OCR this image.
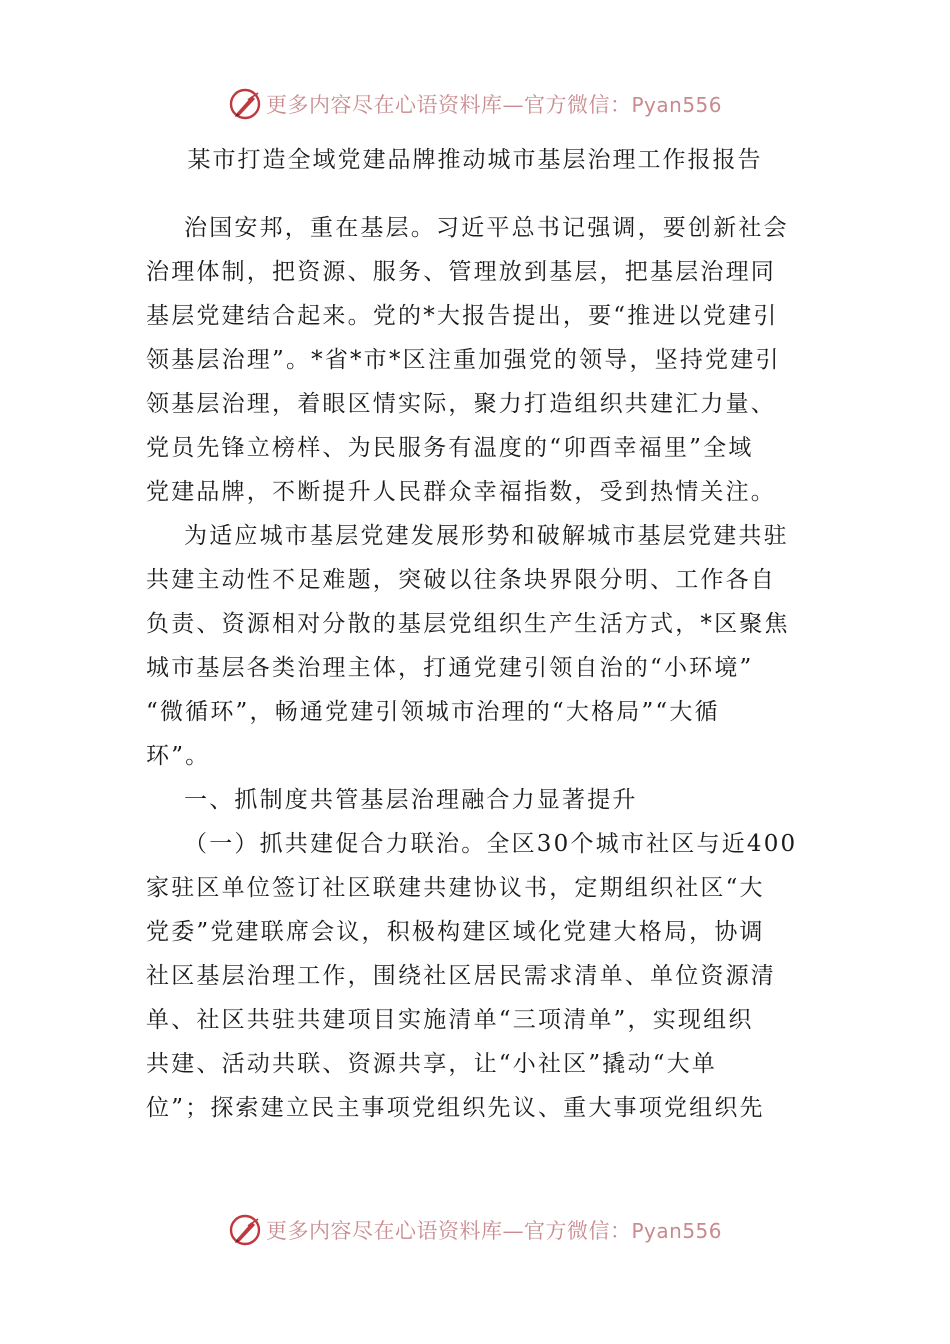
更多内容尽在心语资料库—官方微信：Pyan556
某市打造全域党建品牌推动城市基层治理工作报报告
治国安邦，重在基层。习近平总书记强调，要创新社会
治理体制，把资源、服务、管理放到基层，把基层治理同
基层党建结合起来。党的*大报告提出，要“推进以党建引
领基层治理”。*省*市*区注重加强党的领导，坚持党建引
领基层治理，着眼区情实际，聚力打造组织共建汇力量、
党员先锋立榜样、为民服务有温度的“卯酉幸福里”全域
党建品牌，不断提升人民群众幸福指数，受到热情关注。
为适应城市基层党建发展形势和破解城市基层党建共驻
共建主动性不足难题，突破以往条块界限分明、工作各自
负责、资源相对分散的基层党组织生产生活方式，*区聚焦
城市基层各类治理主体，打通党建引领自治的“小环境”
“微循环”，畅通党建引领城市治理的“大格局”“大循
环”。
一、抓制度共管基层治理融合力显著提升
（一）抓共建促合力联治。全区30个城市社区与近400
家驻区单位签订社区联建共建协议书，定期组织社区“大
党委”党建联席会议，积极构建区域化党建大格局，协调
社区基层治理工作，围绕社区居民需求清单、单位资源清
单、社区共驻共建项目实施清单“三项清单”，实现组织
共建、活动共联、资源共享，让“小社区”撬动“大单
位”；探索建立民主事项党组织先议、重大事项党组织先
更多内容尽在心语资料库—官方微信：Pyan556
